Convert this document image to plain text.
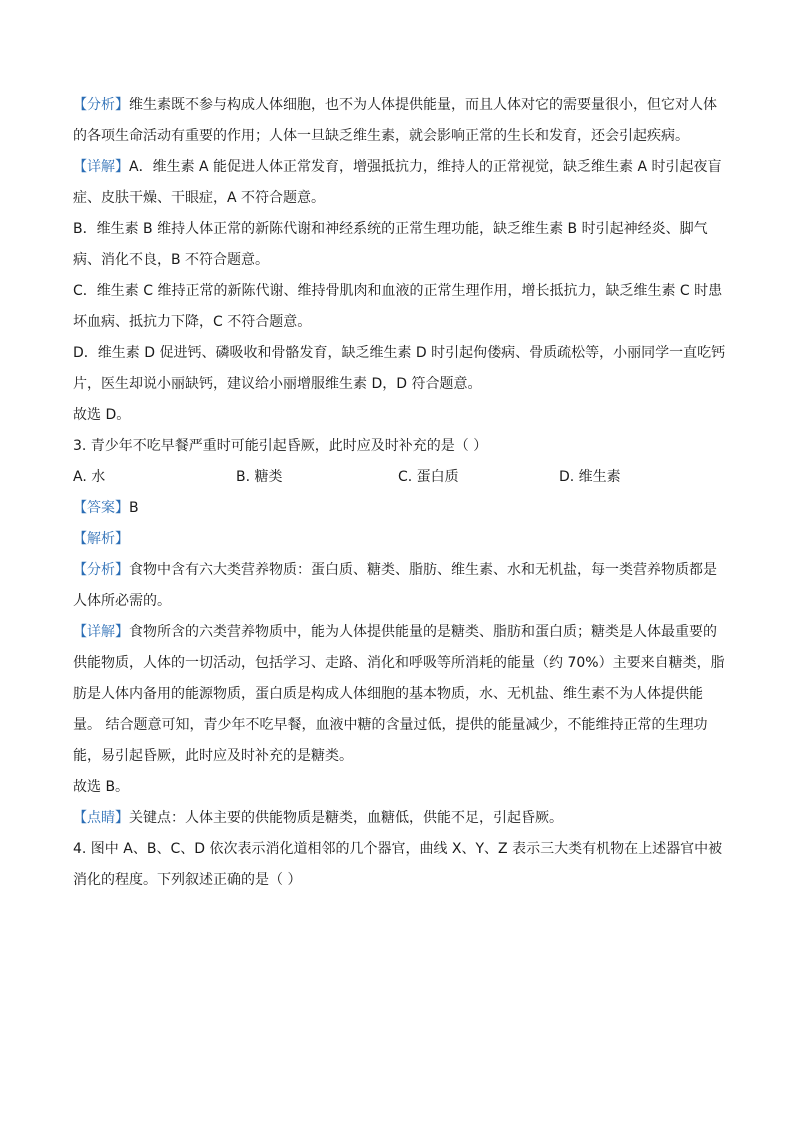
【分析】维生素既不参与构成人体细胞，也不为人体提供能量，而且人体对它的需要量很小，但它对人体
的各项生命活动有重要的作用；人体一旦缺乏维生素，就会影响正常的生长和发育，还会引起疾病。
【详解】A．维生素 A 能促进人体正常发育，增强抵抗力，维持人的正常视觉，缺乏维生素 A 时引起夜盲
症、皮肤干燥、干眼症，A 不符合题意。
B．维生素 B 维持人体正常的新陈代谢和神经系统的正常生理功能，缺乏维生素 B 时引起神经炎、脚气
病、消化不良，B 不符合题意。
C．维生素 C 维持正常的新陈代谢、维持骨肌肉和血液的正常生理作用，增长抵抗力，缺乏维生素 C 时患
坏血病、抵抗力下降，C 不符合题意。
D．维生素 D 促进钙、磷吸收和骨骼发育，缺乏维生素 D 时引起佝偻病、骨质疏松等，小丽同学一直吃钙
片，医生却说小丽缺钙，建议给小丽增服维生素 D，D 符合题意。
故选 D。
3. 青少年不吃早餐严重时可能引起昏厥，此时应及时补充的是（ ）
A. 水	B. 糖类	C. 蛋白质	D. 维生素
【答案】B
【解析】
【分析】食物中含有六大类营养物质：蛋白质、糖类、脂肪、维生素、水和无机盐，每一类营养物质都是
人体所必需的。
【详解】食物所含的六类营养物质中，能为人体提供能量的是糖类、脂肪和蛋白质；糖类是人体最重要的
供能物质，人体的一切活动，包括学习、走路、消化和呼吸等所消耗的能量（约 70%）主要来自糖类，脂
肪是人体内备用的能源物质，蛋白质是构成人体细胞的基本物质，水、无机盐、维生素不为人体提供能
量。 结合题意可知，青少年不吃早餐，血液中糖的含量过低，提供的能量减少，不能维持正常的生理功
能，易引起昏厥，此时应及时补充的是糖类。
故选 B。
【点睛】关键点：人体主要的供能物质是糖类，血糖低，供能不足，引起昏厥。
4. 图中 A、B、C、D 依次表示消化道相邻的几个器官，曲线 X、Y、Z 表示三大类有机物在上述器官中被
消化的程度。下列叙述正确的是（ ）
